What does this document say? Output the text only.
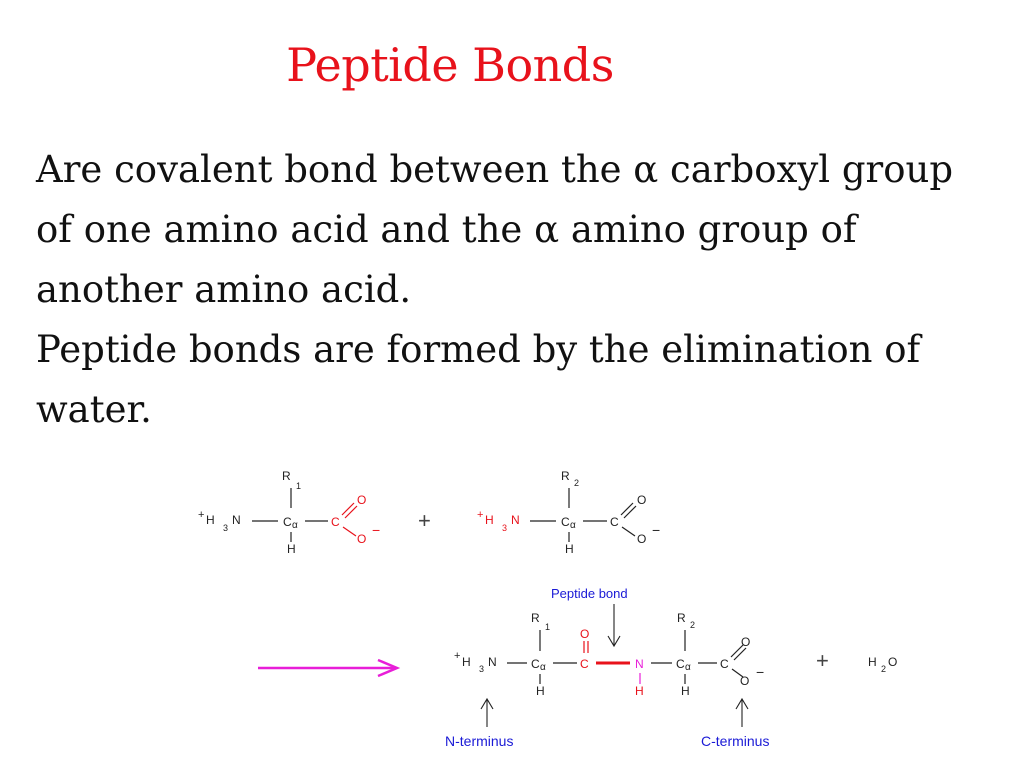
Peptide Bonds

Are covalent bond between the α carboxyl group of one amino acid and the α amino group of another amino acid.

Peptide bonds are formed by the elimination of water.

R
1
+ H
3
N	C α
H
C
O
O
− +
R 2
C α
H
C
O
O
−
+ H
3
N
Peptide bond
R
1
+ H 3 N	C α
H
R 2
C α
H
C
O
O
−
O
C	N
H
+	H 2 O
N-terminus	C-terminus
